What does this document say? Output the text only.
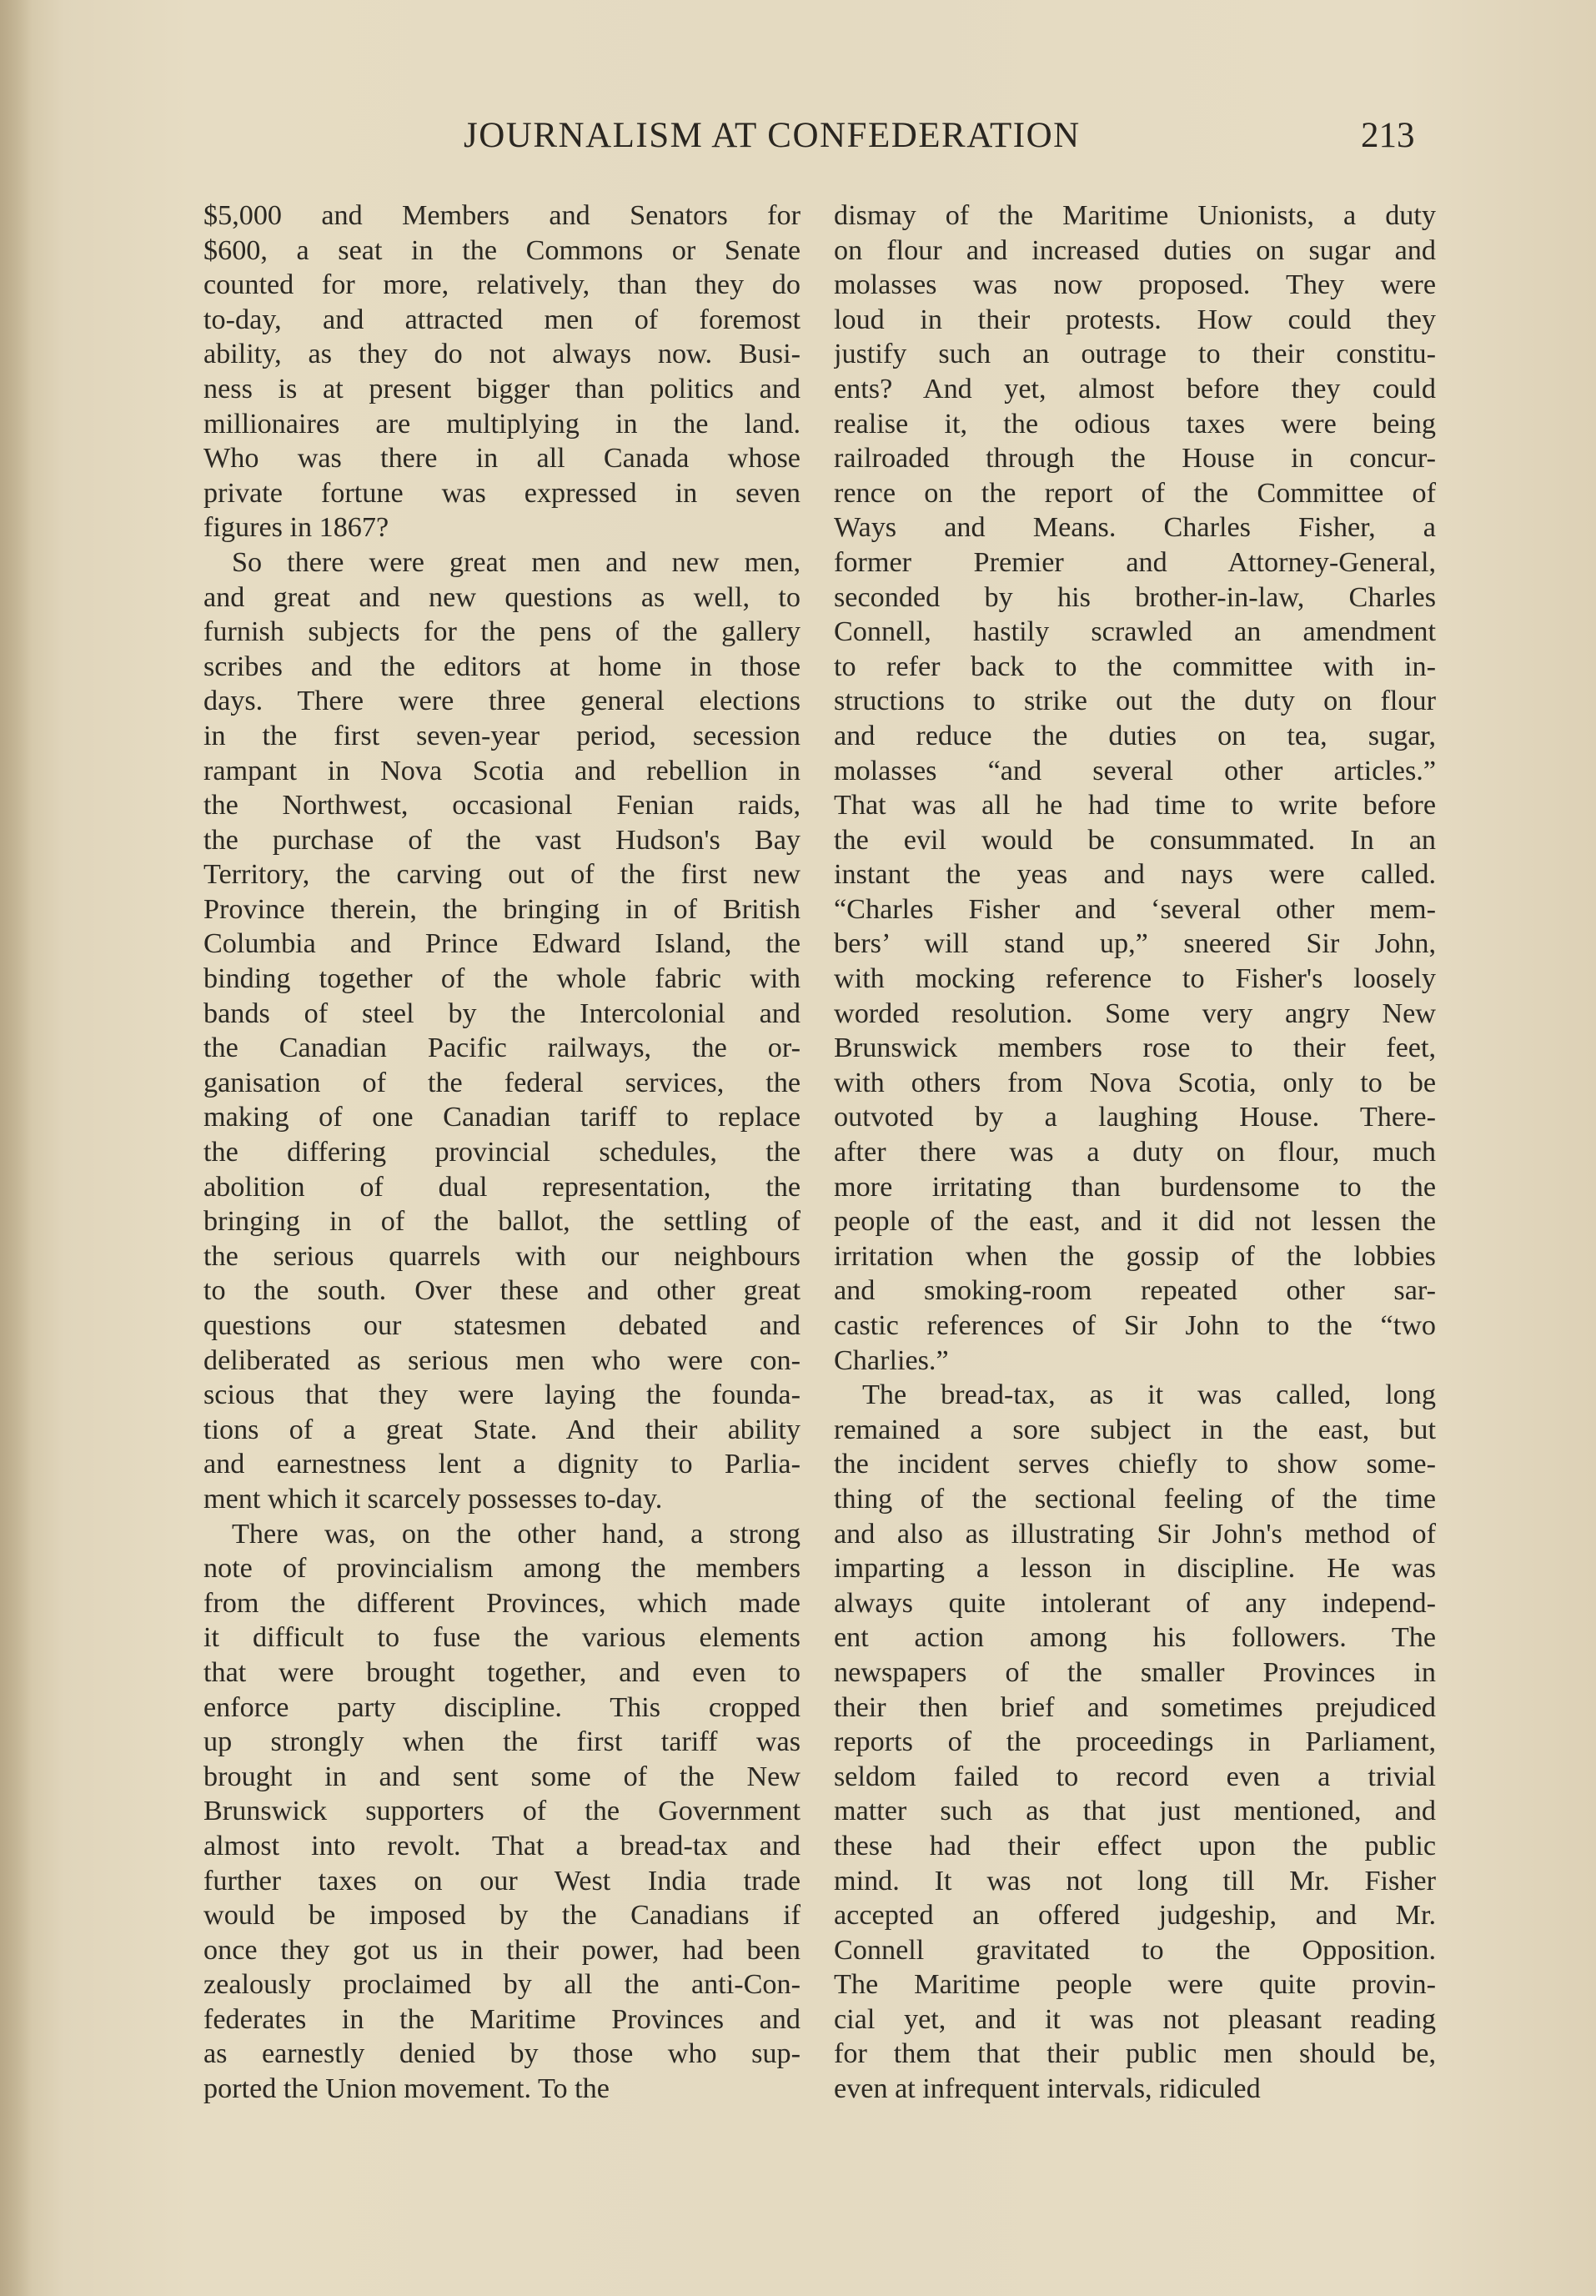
JOURNALISM AT CONFEDERATION	213

$5,000 and Members and Senators for
$600, a seat in the Commons or Senate
counted for more, relatively, than they do
to-day, and attracted men of foremost
ability, as they do not always now. Busi-
ness is at present bigger than politics and
millionaires are multiplying in the land.
Who was there in all Canada whose
private fortune was expressed in seven
figures in 1867?

So there were great men and new men,
and great and new questions as well, to
furnish subjects for the pens of the gallery
scribes and the editors at home in those
days. There were three general elections
in the first seven-year period, secession
rampant in Nova Scotia and rebellion in
the Northwest, occasional Fenian raids,
the purchase of the vast Hudson's Bay
Territory, the carving out of the first new
Province therein, the bringing in of British
Columbia and Prince Edward Island, the
binding together of the whole fabric with
bands of steel by the Intercolonial and
the Canadian Pacific railways, the or-
ganisation of the federal services, the
making of one Canadian tariff to replace
the differing provincial schedules, the
abolition of dual representation, the
bringing in of the ballot, the settling of
the serious quarrels with our neighbours
to the south. Over these and other great
questions our statesmen debated and
deliberated as serious men who were con-
scious that they were laying the founda-
tions of a great State. And their ability
and earnestness lent a dignity to Parlia-
ment which it scarcely possesses to-day.

There was, on the other hand, a strong
note of provincialism among the members
from the different Provinces, which made
it difficult to fuse the various elements
that were brought together, and even to
enforce party discipline. This cropped
up strongly when the first tariff was
brought in and sent some of the New
Brunswick supporters of the Government
almost into revolt. That a bread-tax and
further taxes on our West India trade
would be imposed by the Canadians if
once they got us in their power, had been
zealously proclaimed by all the anti-Con-
federates in the Maritime Provinces and
as earnestly denied by those who sup-
ported the Union movement. To the

dismay of the Maritime Unionists, a duty
on flour and increased duties on sugar and
molasses was now proposed. They were
loud in their protests. How could they
justify such an outrage to their constitu-
ents? And yet, almost before they could
realise it, the odious taxes were being
railroaded through the House in concur-
rence on the report of the Committee of
Ways and Means. Charles Fisher, a
former Premier and Attorney-General,
seconded by his brother-in-law, Charles
Connell, hastily scrawled an amendment
to refer back to the committee with in-
structions to strike out the duty on flour
and reduce the duties on tea, sugar,
molasses “and several other articles.”
That was all he had time to write before
the evil would be consummated. In an
instant the yeas and nays were called.
“Charles Fisher and ‘several other mem-
bers’ will stand up,” sneered Sir John,
with mocking reference to Fisher's loosely
worded resolution. Some very angry New
Brunswick members rose to their feet,
with others from Nova Scotia, only to be
outvoted by a laughing House. There-
after there was a duty on flour, much
more irritating than burdensome to the
people of the east, and it did not lessen the
irritation when the gossip of the lobbies
and smoking-room repeated other sar-
castic references of Sir John to the “two
Charlies.”

The bread-tax, as it was called, long
remained a sore subject in the east, but
the incident serves chiefly to show some-
thing of the sectional feeling of the time
and also as illustrating Sir John's method of
imparting a lesson in discipline. He was
always quite intolerant of any independ-
ent action among his followers. The
newspapers of the smaller Provinces in
their then brief and sometimes prejudiced
reports of the proceedings in Parliament,
seldom failed to record even a trivial
matter such as that just mentioned, and
these had their effect upon the public
mind. It was not long till Mr. Fisher
accepted an offered judgeship, and Mr.
Connell gravitated to the Opposition.
The Maritime people were quite provin-
cial yet, and it was not pleasant reading
for them that their public men should be,
even at infrequent intervals, ridiculed
